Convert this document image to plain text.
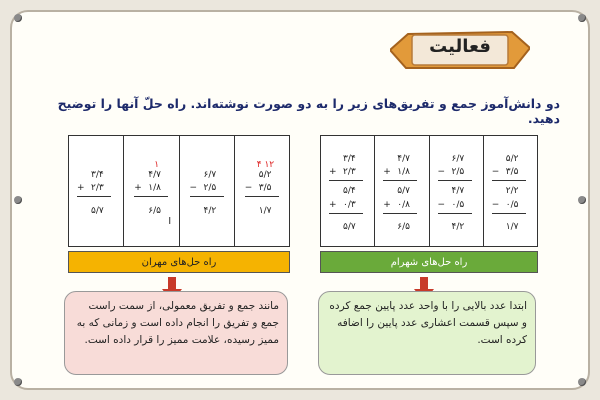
فعالیت
دو دانش‌آموز جمع و تفریق‌های زیر را به دو صورت نوشته‌اند. راه حلّ آنها را توضیح دهید.
۳/۴
+ ۲/۳
۵/۷
۱
۴/۷
+ ۱/۸
۶/۵
I
۶/۷
− ۲/۵
۴/۲
۴ ۱۲
۵/۲
− ۳/۵
۱/۷
۳/۴
+ ۲/۳
۵/۴
+ ۰/۳
۵/۷
۴/۷
+ ۱/۸
۵/۷
+ ۰/۸
۶/۵
۶/۷
− ۲/۵
۴/۷
− ۰/۵
۴/۲
۵/۲
− ۳/۵
۲/۲
− ۰/۵
۱/۷
راه حل‌های مهران	راه حل‌های شهرام
مانند جمع و تفریق معمولی، از سمت راست جمع و تفریق را انجام داده است و زمانی که به ممیز رسیده، علامت ممیز را قرار داده است.
ابتدا عدد بالایی را با واحد عدد پایین جمع کرده و سپس قسمت اعشاری عدد پایین را اضافه کرده است.
